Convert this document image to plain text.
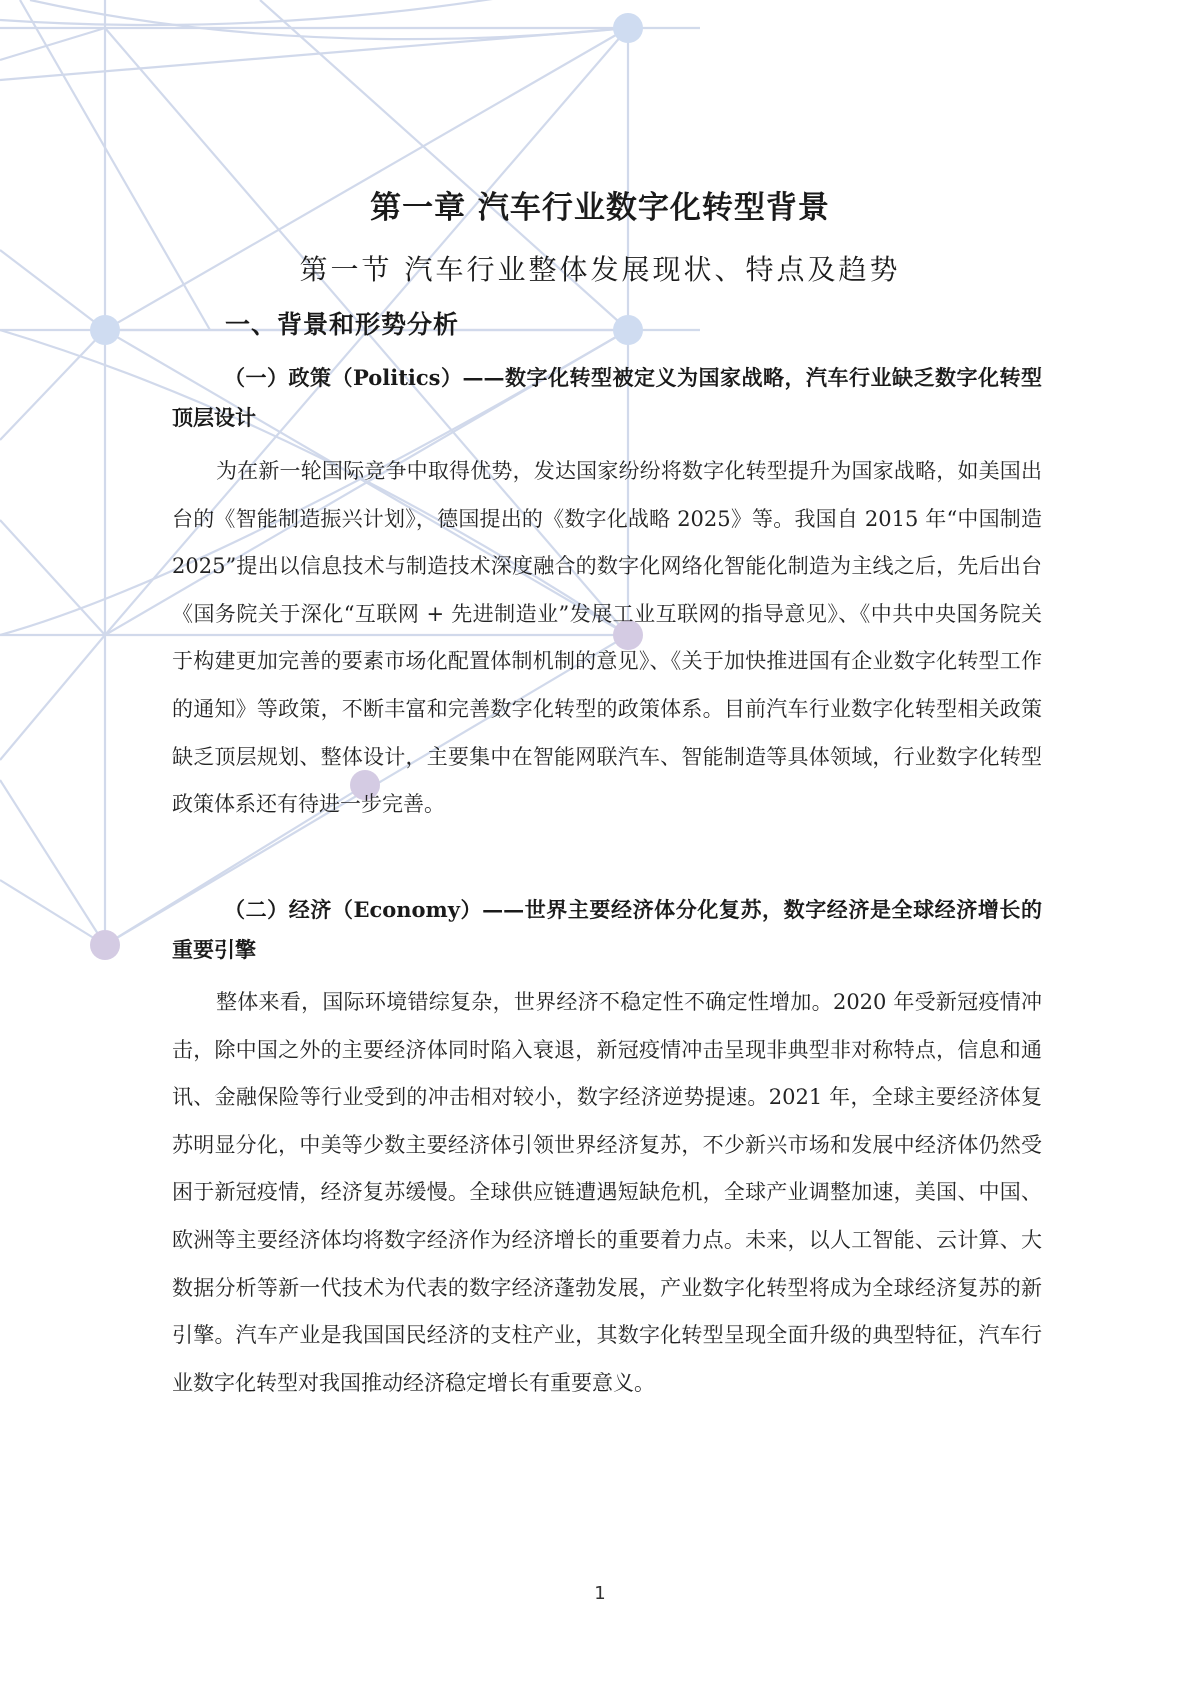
第一章 汽车行业数字化转型背景
第一节 汽车行业整体发展现状、特点及趋势
一、背景和形势分析
（一）政策（Politics）——数字化转型被定义为国家战略，汽车行业缺乏数字化转型顶层设计

为在新一轮国际竞争中取得优势，发达国家纷纷将数字化转型提升为国家战略，如美国出台的《智能制造振兴计划》，德国提出的《数字化战略 2025》等。我国自 2015 年“中国制造 2025”提出以信息技术与制造技术深度融合的数字化网络化智能化制造为主线之后，先后出台《国务院关于深化“互联网 + 先进制造业”发展工业互联网的指导意见》、《中共中央国务院关于构建更加完善的要素市场化配置体制机制的意见》、《关于加快推进国有企业数字化转型工作的通知》等政策，不断丰富和完善数字化转型的政策体系。目前汽车行业数字化转型相关政策缺乏顶层规划、整体设计，主要集中在智能网联汽车、智能制造等具体领域，行业数字化转型政策体系还有待进一步完善。

（二）经济（Economy）——世界主要经济体分化复苏，数字经济是全球经济增长的重要引擎

整体来看，国际环境错综复杂，世界经济不稳定性不确定性增加。2020 年受新冠疫情冲击，除中国之外的主要经济体同时陷入衰退，新冠疫情冲击呈现非典型非对称特点，信息和通讯、金融保险等行业受到的冲击相对较小，数字经济逆势提速。2021 年，全球主要经济体复苏明显分化，中美等少数主要经济体引领世界经济复苏，不少新兴市场和发展中经济体仍然受困于新冠疫情，经济复苏缓慢。全球供应链遭遇短缺危机，全球产业调整加速，美国、中国、欧洲等主要经济体均将数字经济作为经济增长的重要着力点。未来，以人工智能、云计算、大数据分析等新一代技术为代表的数字经济蓬勃发展，产业数字化转型将成为全球经济复苏的新引擎。汽车产业是我国国民经济的支柱产业，其数字化转型呈现全面升级的典型特征，汽车行业数字化转型对我国推动经济稳定增长有重要意义。

1
